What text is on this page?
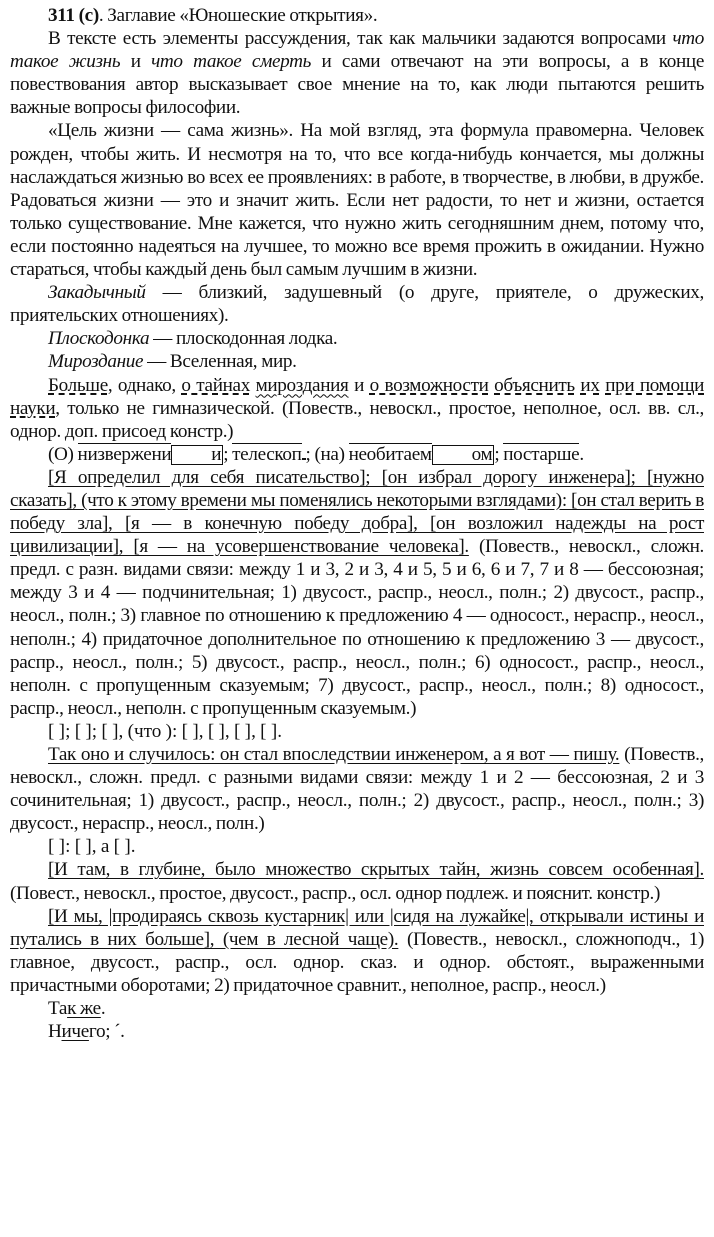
311 (с). Заглавие «Юношеские открытия».

В тексте есть элементы рассуждения, так как мальчики задаются вопросами что такое жизнь и что такое смерть и сами отвечают на эти вопросы, а в конце повествования автор высказывает свое мнение на то, как люди пытаются решить важные вопросы философии.

«Цель жизни — сама жизнь». На мой взгляд, эта формула правомерна. Человек рожден, чтобы жить. И несмотря на то, что все когда-нибудь кончается, мы должны наслаждаться жизнью во всех ее проявлениях: в работе, в творчестве, в любви, в дружбе. Радоваться жизни — это и значит жить. Если нет радости, то нет и жизни, остается только существование. Мне кажется, что нужно жить сегодняшним днем, потому что, если постоянно надеяться на лучшее, то можно все время прожить в ожидании. Нужно стараться, чтобы каждый день был самым лучшим в жизни.

Закадычный — близкий, задушевный (о друге, приятеле, о дружеских, приятельских отношениях).

Плоскодонка — плоскодонная лодка.

Мироздание — Вселенная, мир.

Больше, однако, о тайнах мироздания и о возможности объяснить их при помощи науки, только не гимназической. (Повеств., невоскл., простое, неполное, осл. вв. сл., однор. доп. присоед констр.)

(О) низвержени и ; телескоп ; (на) необитаем ом ; постарше.

[Я определил для себя писательство]; [он избрал дорогу инженера]; [нужно сказать], (что к этому времени мы поменялись некоторыми взглядами): [он стал верить в победу зла], [я — в конечную победу добра], [он возложил надежды на рост цивилизации], [я — на усовершенствование человека]. (Повеств., невоскл., сложн. предл. с разн. видами связи: между 1 и 3, 2 и 3, 4 и 5, 5 и 6, 6 и 7, 7 и 8 — бессоюзная; между 3 и 4 — подчинительная; 1) двусост., распр., неосл., полн.; 2) двусост., распр., неосл., полн.; 3) главное по отношению к предложению 4 — односост., нераспр., неосл., неполн.; 4) придаточное дополнительное по отношению к предложению 3 — двусост., распр., неосл., полн.; 5) двусост., распр., неосл., полн.; 6) односост., распр., неосл., неполн. с пропущенным сказуемым; 7) двусост., распр., неосл., полн.; 8) односост., распр., неосл., неполн. с пропущенным сказуемым.)

[ ]; [ ]; [ ], (что ): [ ], [ ], [ ], [ ].

Так оно и случилось: он стал впоследствии инженером, а я вот — пишу. (Повеств., невоскл., сложн. предл. с разными видами связи: между 1 и 2 — бессоюзная, 2 и 3 сочинительная; 1) двусост., распр., неосл., полн.; 2) двусост., распр., неосл., полн.; 3) двусост., нераспр., неосл., полн.)

[ ]: [ ], а [ ].

[И там, в глубине, было множество скрытых тайн, жизнь совсем особенная]. (Повест., невоскл., простое, двусост., распр., осл. однор подлеж. и пояснит. констр.)

[И мы, |продираясь сквозь кустарник| или |сидя на лужайке|, открывали истины и путались в них больше], (чем в лесной чаще). (Повеств., невоскл., сложноподч., 1) главное, двусост., распр., осл. однор. сказ. и однор. обстоят., выраженными причастными оборотами; 2) придаточное сравнит., неполное, распр., неосл.)

Так же.

Ничего; ´.
